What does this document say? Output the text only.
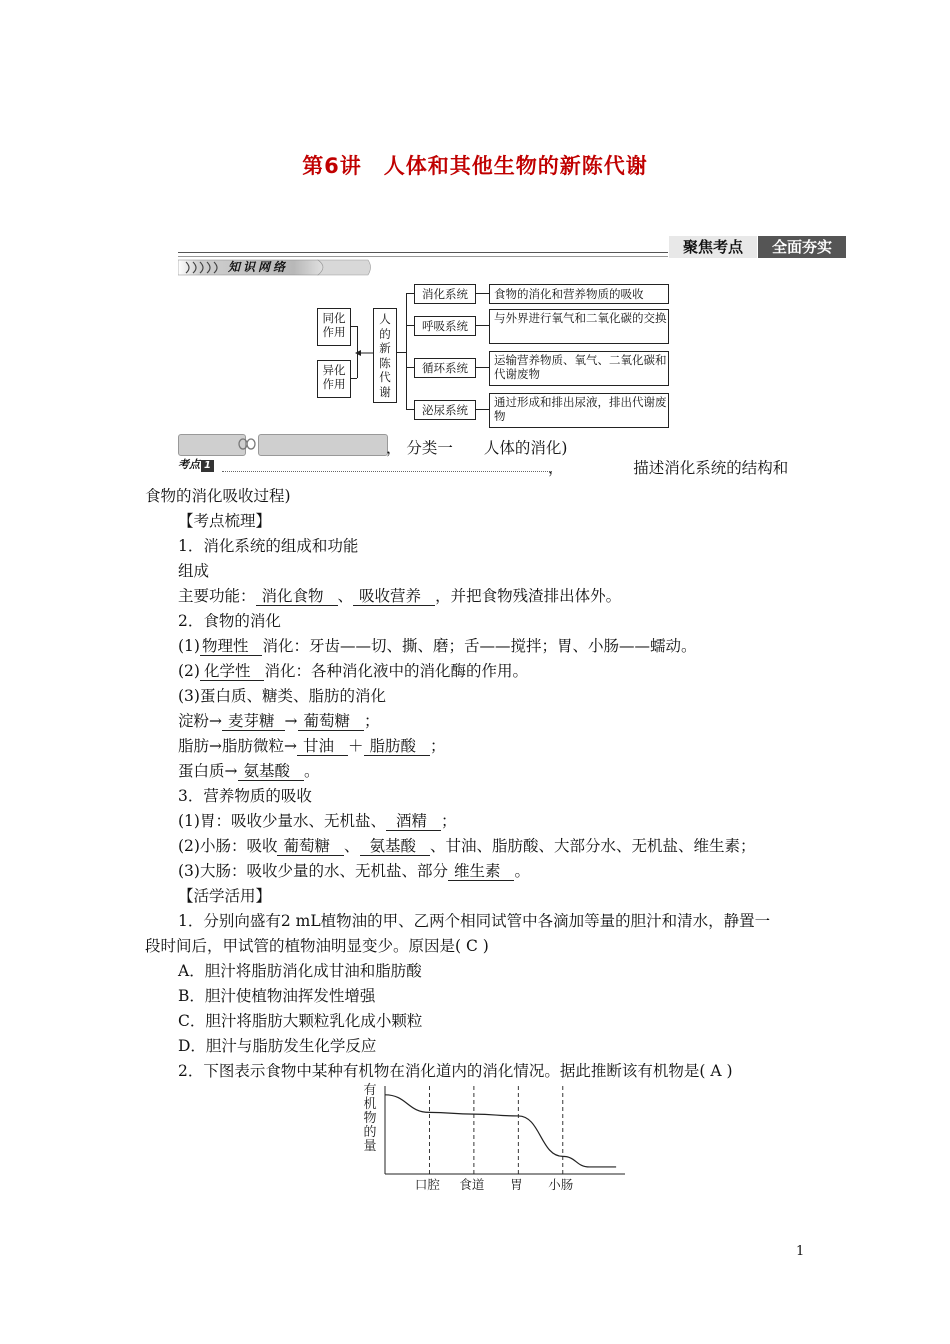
第6讲　人体和其他生物的新陈代谢
聚焦考点	全面夯实
知识网络
同化作用
异化作用
人的新陈代谢
消化系统
呼吸系统
循环系统
泌尿系统
食物的消化和营养物质的吸收
与外界进行氧气和二氧化碳的交换
运输营养物质、氧气、二氧化碳和代谢废物
通过形成和排出尿液，排出代谢废物
， 分类一　　人体的消化)
考点 1	，　　　　　描述消化系统的结构和
食物的消化吸收过程)
【考点梳理】
1．消化系统的组成和功能
组成
主要功能： 消化食物 、 吸收营养 ，并把食物残渣排出体外。
2．食物的消化
(1) 物理性 消化：牙齿——切、撕、磨；舌——搅拌；胃、小肠——蠕动。
(2) 化学性 消化：各种消化液中的消化酶的作用。
(3)蛋白质、糖类、脂肪的消化
淀粉→ 麦芽糖 → 葡萄糖 ；
脂肪→脂肪微粒→ 甘油 ＋ 脂肪酸 ；
蛋白质→ 氨基酸 。
3．营养物质的吸收
(1)胃：吸收少量水、无机盐、 酒精 ；
(2)小肠：吸收 葡萄糖 、 氨基酸 、甘油、脂肪酸、大部分水、无机盐、维生素；
(3)大肠：吸收少量的水、无机盐、部分 维生素 。
【活学活用】
1．分别向盛有2 mL植物油的甲、乙两个相同试管中各滴加等量的胆汁和清水，静置一
段时间后，甲试管的植物油明显变少。原因是( C )
A．胆汁将脂肪消化成甘油和脂肪酸
B．胆汁使植物油挥发性增强
C．胆汁将脂肪大颗粒乳化成小颗粒
D．胆汁与脂肪发生化学反应
2．下图表示食物中某种有机物在消化道内的消化情况。据此推断该有机物是( A )
有
机
物
的
量
口腔 食道 胃 小肠
1
